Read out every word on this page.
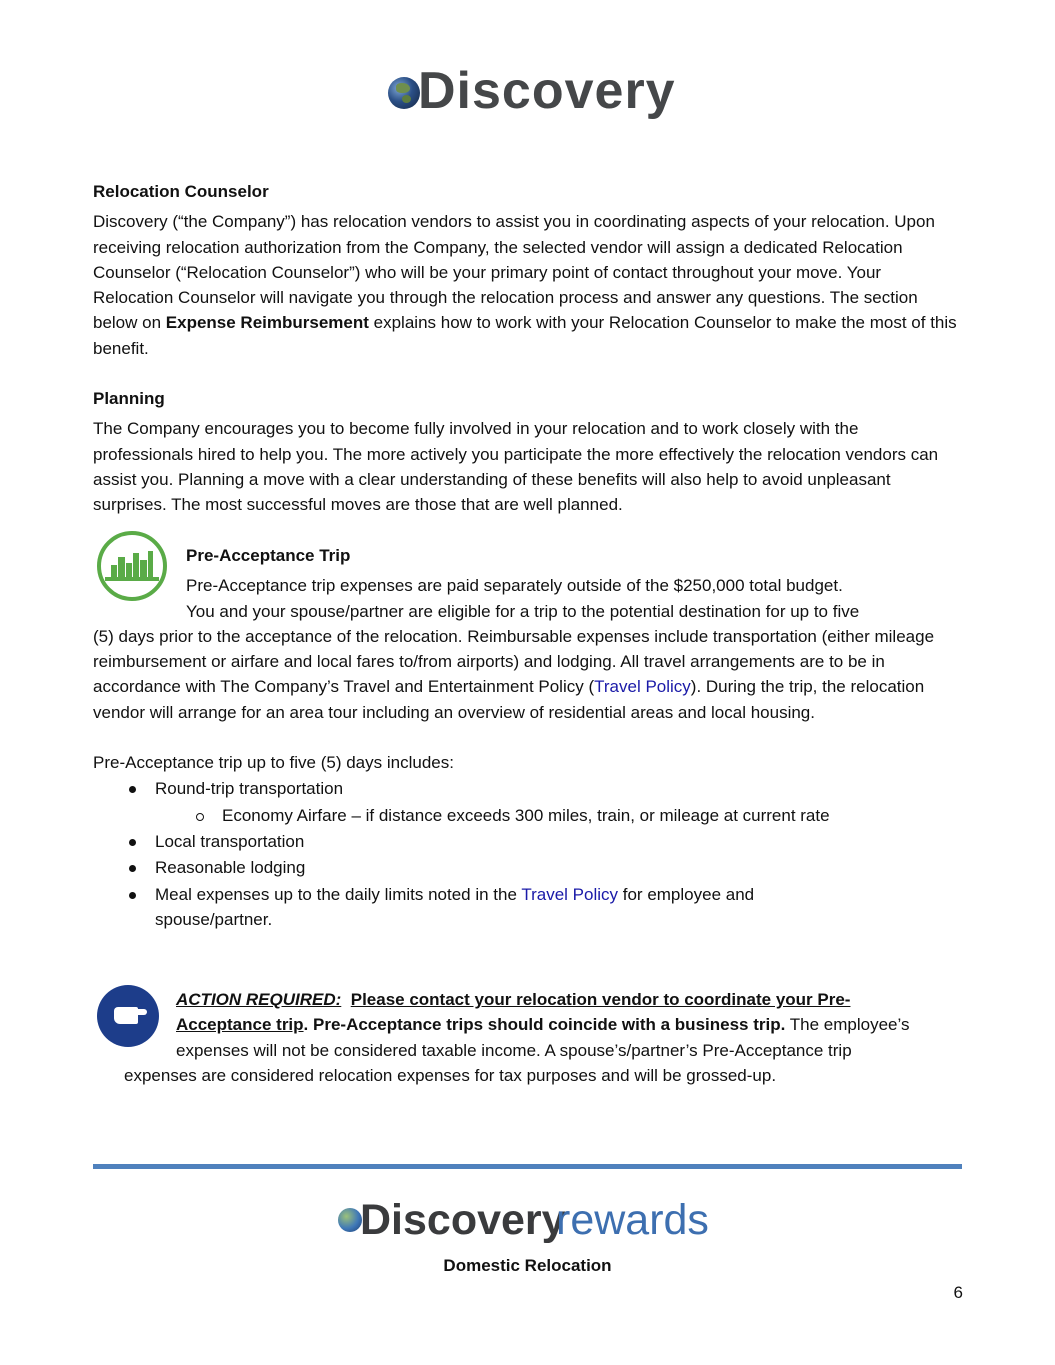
Discovery

Relocation Counselor

Discovery (“the Company”) has relocation vendors to assist you in coordinating aspects of your relocation. Upon receiving relocation authorization from the Company, the selected vendor will assign a dedicated Relocation Counselor (“Relocation Counselor”) who will be your primary point of contact throughout your move. Your Relocation Counselor will navigate you through the relocation process and answer any questions. The section below on Expense Reimbursement explains how to work with your Relocation Counselor to make the most of this benefit.

Planning

The Company encourages you to become fully involved in your relocation and to work closely with the professionals hired to help you. The more actively you participate the more effectively the relocation vendors can assist you. Planning a move with a clear understanding of these benefits will also help to avoid unpleasant surprises. The most successful moves are those that are well planned.

Pre-Acceptance Trip

Pre-Acceptance trip expenses are paid separately outside of the $250,000 total budget.

You and your spouse/partner are eligible for a trip to the potential destination for up to five

(5) days prior to the acceptance of the relocation. Reimbursable expenses include transportation (either mileage reimbursement or airfare and local fares to/from airports) and lodging. All travel arrangements are to be in accordance with The Company’s Travel and Entertainment Policy (Travel Policy). During the trip, the relocation vendor will arrange for an area tour including an overview of residential areas and local housing.

Pre-Acceptance trip up to five (5) days includes:

Round-trip transportation
Economy Airfare – if distance exceeds 300 miles, train, or mileage at current rate
Local transportation
Reasonable lodging
Meal expenses up to the daily limits noted in the Travel Policy for employee and
spouse/partner.

ACTION REQUIRED: Please contact your relocation vendor to coordinate your Pre-

Acceptance trip. Pre-Acceptance trips should coincide with a business trip. The employee’s

expenses will not be considered taxable income. A spouse’s/partner’s Pre-Acceptance trip

expenses are considered relocation expenses for tax purposes and will be grossed-up.

Discovery
rewards
Domestic Relocation
6
